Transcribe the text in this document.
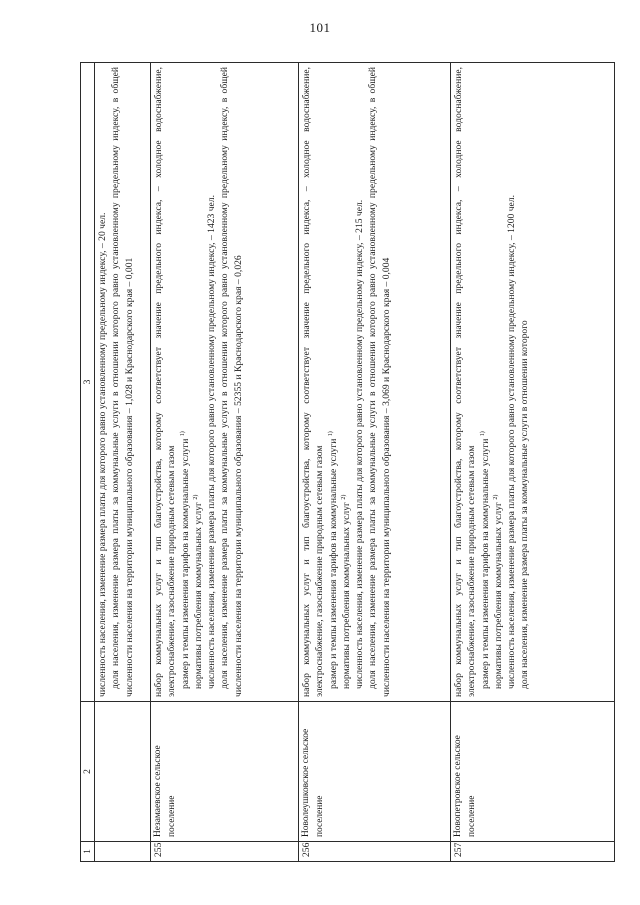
101
1	2	3

		численность населения, изменение размера платы для которого равно установленному предельному индексу, – 20 чел. доля населения, изменение размера платы за коммунальные услуги в отношении которого равно установленному предельному индексу, в общей численности населения на территории муниципального образования – 1,028 и Краснодарского края – 0,001

255	Незамаевское сельское поселение	набор коммунальных услуг и тип благоустройства, которому соответствует значение предельного индекса, – холодное водоснабжение, электроснабжение, газоснабжение природным сетевым газом размер и темпы изменения тарифов на коммунальные услуги $^{1)}$

нормативы потребления коммунальных услуг $^{2)}$ численность населения, изменение размера платы для которого равно установленному предельному индексу, – 1423 чел. доля населения, изменение размера платы за коммунальные услуги в отношении которого равно установленному предельному индексу, в общей численности населения на территории муниципального образования – 52355 и Краснодарского края – 0,026

256	Новолеушковское сельское поселение	набор коммунальных услуг и тип благоустройства, которому соответствует значение предельного индекса, – холодное водоснабжение, электроснабжение, газоснабжение природным сетевым газом размер и темпы изменения тарифов на коммунальные услуги $^{1)}$

нормативы потребления коммунальных услуг $^{2)}$ численность населения, изменение размера платы для которого равно установленному предельному индексу, – 215 чел. доля населения, изменение размера платы за коммунальные услуги в отношении которого равно установленному предельному индексу, в общей численности населения на территории муниципального образования – 3,069 и Краснодарского края – 0,004

257	Новопетровское сельское поселение	набор коммунальных услуг и тип благоустройства, которому соответствует значение предельного индекса, – холодное водоснабжение, электроснабжение, газоснабжение природным сетевым газом размер и темпы изменения тарифов на коммунальные услуги $^{1)}$

нормативы потребления коммунальных услуг $^{2)}$ численность населения, изменение размера платы для которого равно установленному предельному индексу, – 1200 чел. доля населения, изменение размера платы за коммунальные услуги в отношении которого
